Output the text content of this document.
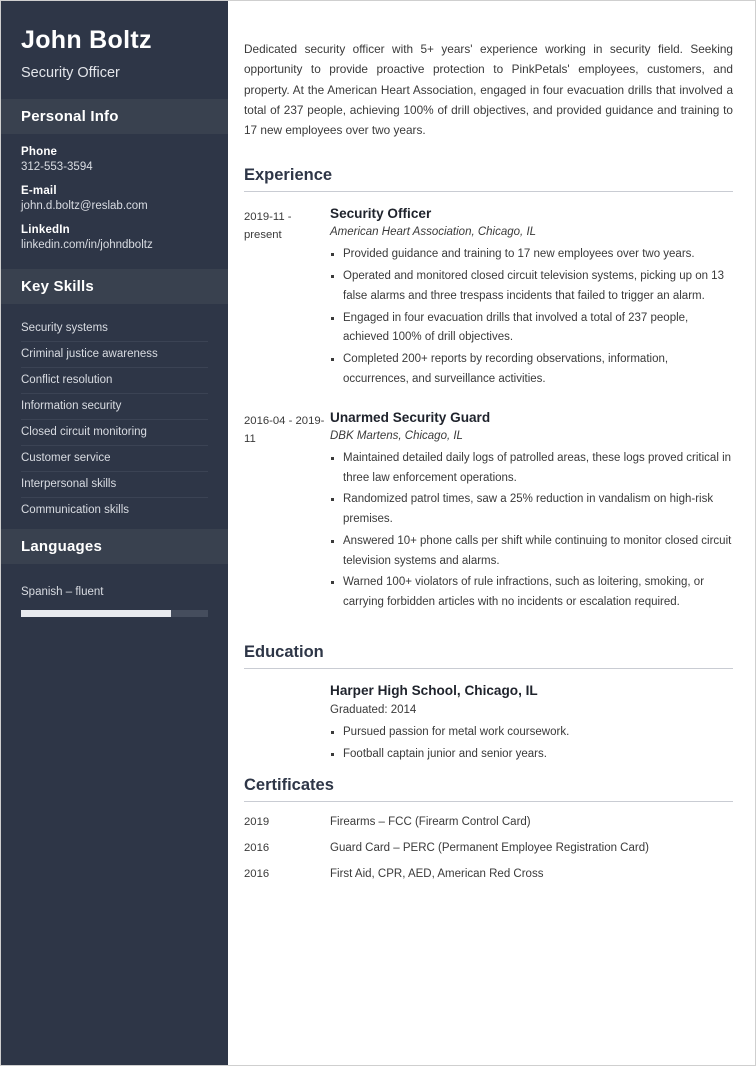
John Boltz
Security Officer
Personal Info
Phone
312-553-3594
E-mail
john.d.boltz@reslab.com
LinkedIn
linkedin.com/in/johndboltz
Key Skills
Security systems
Criminal justice awareness
Conflict resolution
Information security
Closed circuit monitoring
Customer service
Interpersonal skills
Communication skills
Languages
Spanish – fluent

Dedicated security officer with 5+ years' experience working in security field. Seeking opportunity to provide proactive protection to PinkPetals' employees, customers, and property. At the American Heart Association, engaged in four evacuation drills that involved a total of 237 people, achieving 100% of drill objectives, and provided guidance and training to 17 new employees over two years.

Experience
2019-11 - present
Security Officer
American Heart Association, Chicago, IL
Provided guidance and training to 17 new employees over two years.
Operated and monitored closed circuit television systems, picking up on 13 false alarms and three trespass incidents that failed to trigger an alarm.
Engaged in four evacuation drills that involved a total of 237 people, achieved 100% of drill objectives.
Completed 200+ reports by recording observations, information, occurrences, and surveillance activities.
2016-04 - 2019-11
Unarmed Security Guard
DBK Martens, Chicago, IL
Maintained detailed daily logs of patrolled areas, these logs proved critical in three law enforcement operations.
Randomized patrol times, saw a 25% reduction in vandalism on high-risk premises.
Answered 10+ phone calls per shift while continuing to monitor closed circuit television systems and alarms.
Warned 100+ violators of rule infractions, such as loitering, smoking, or carrying forbidden articles with no incidents or escalation required.
Education
Harper High School, Chicago, IL
Graduated: 2014
Pursued passion for metal work coursework.
Football captain junior and senior years.
Certificates
2019	Firearms – FCC (Firearm Control Card)
2016	Guard Card – PERC (Permanent Employee Registration Card)
2016	First Aid, CPR, AED, American Red Cross
